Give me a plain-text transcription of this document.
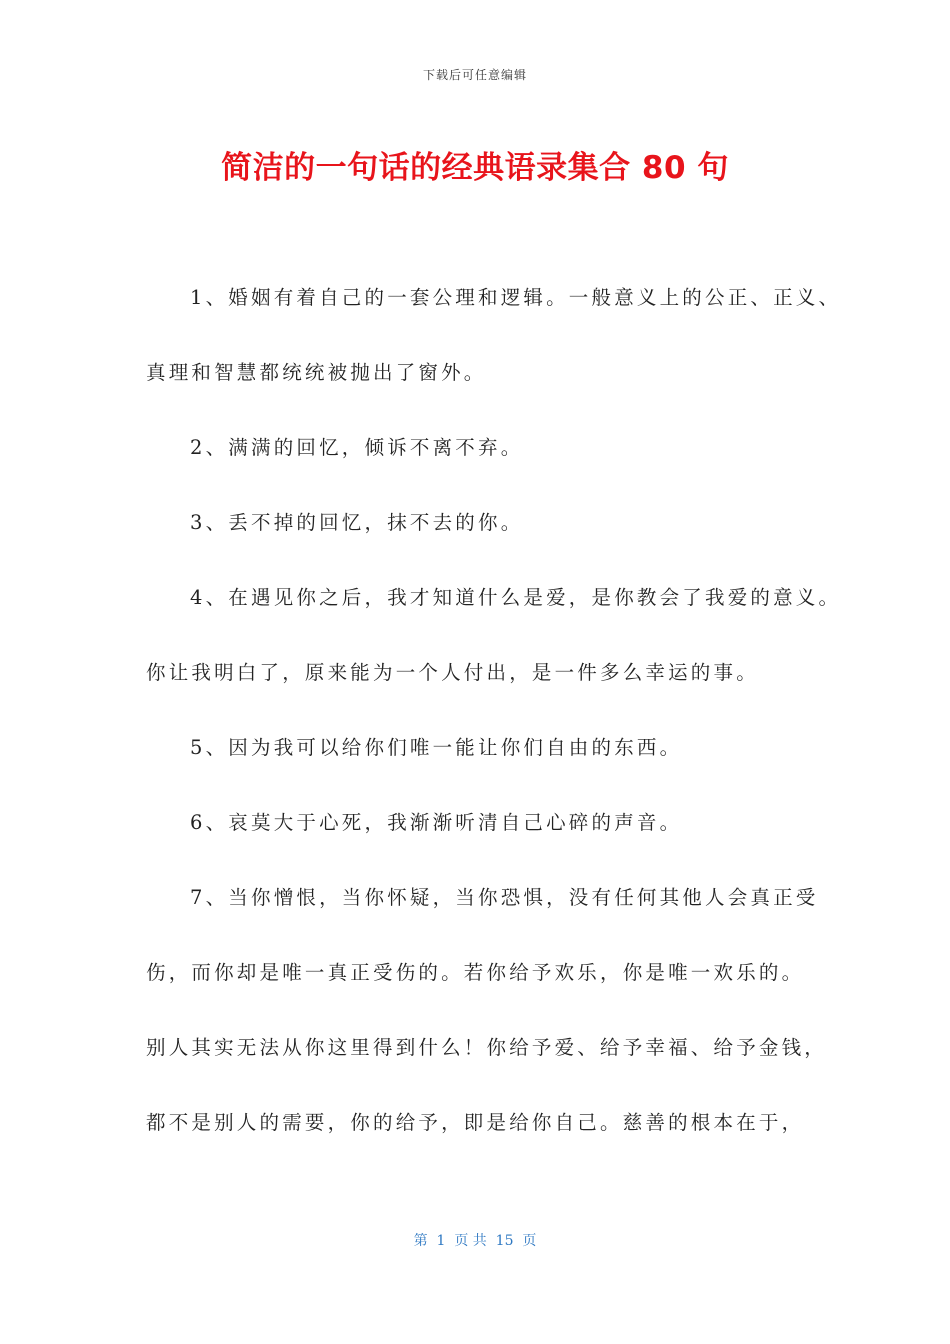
下载后可任意编辑
简洁的一句话的经典语录集合 80 句
1、婚姻有着自己的一套公理和逻辑。一般意义上的公正、正义、
真理和智慧都统统被抛出了窗外。
2、满满的回忆，倾诉不离不弃。
3、丢不掉的回忆，抹不去的你。
4、在遇见你之后，我才知道什么是爱，是你教会了我爱的意义。
你让我明白了，原来能为一个人付出，是一件多么幸运的事。
5、因为我可以给你们唯一能让你们自由的东西。
6、哀莫大于心死，我渐渐听清自己心碎的声音。
7、当你憎恨，当你怀疑，当你恐惧，没有任何其他人会真正受
伤，而你却是唯一真正受伤的。若你给予欢乐，你是唯一欢乐的。
别人其实无法从你这里得到什么！你给予爱、给予幸福、给予金钱，
都不是别人的需要，你的给予，即是给你自己。慈善的根本在于，
第  1  页 共  15  页
